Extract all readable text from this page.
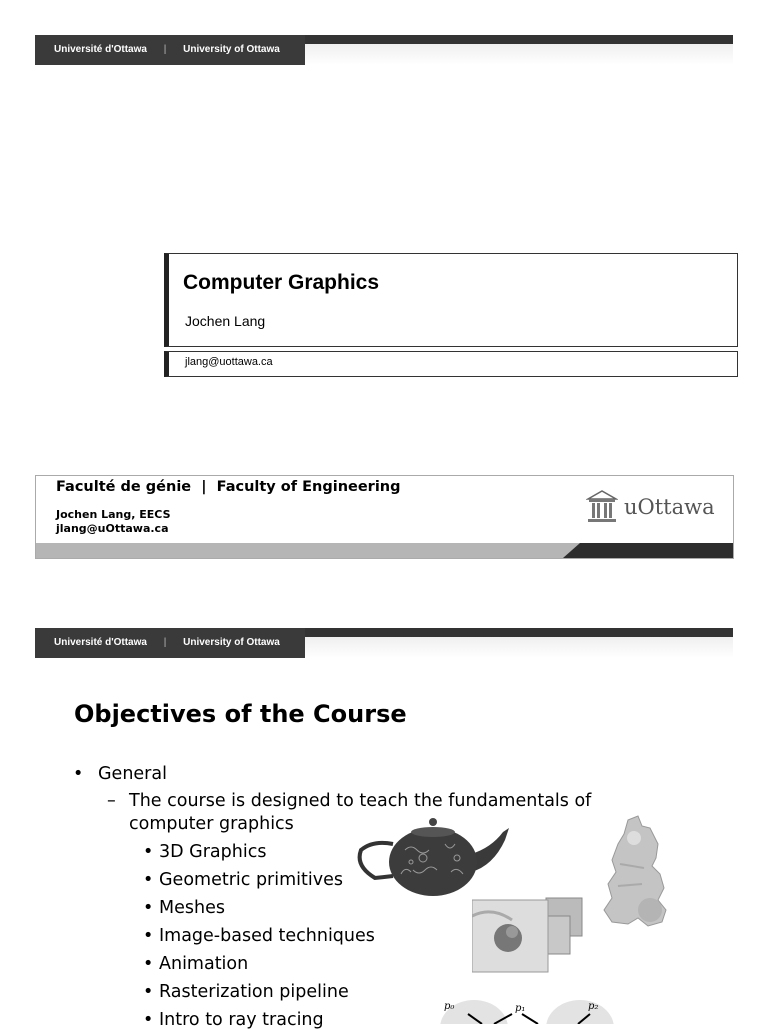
Université d'Ottawa | University of Ottawa
Computer Graphics
Jochen Lang
jlang@uottawa.ca
Faculté de génie  |  Faculty of Engineering
Jochen Lang, EECS
jlang@uOttawa.ca
uOttawa
Université d'Ottawa | University of Ottawa
Objectives of the Course
• General
– The course is designed to teach the fundamentals of
computer graphics
• 3D Graphics
• Geometric primitives
• Meshes
• Image-based techniques
• Animation
• Rasterization pipeline
• Intro to ray tracing
p₀	p₁	p₂
